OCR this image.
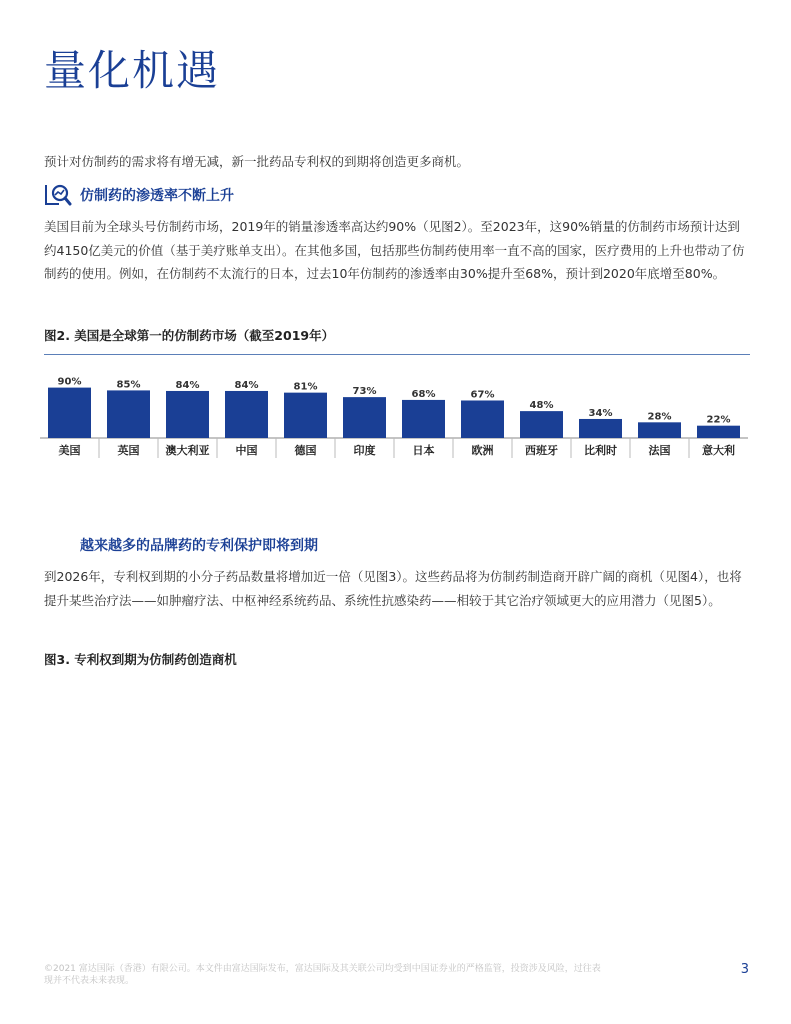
量化机遇
预计对仿制药的需求将有增无减，新一批药品专利权的到期将创造更多商机。
仿制药的渗透率不断上升
美国目前为全球头号仿制药市场，2019年的销量渗透率高达约90%（见图2）。至2023年，这90%销量的仿制药市场预计达到约4150亿美元的价值（基于美疗账单支出）。在其他多国，包括那些仿制药使用率一直不高的国家，医疗费用的上升也带动了仿制药的使用。例如，在仿制药不太流行的日本，过去10年仿制药的渗透率由30%提升至68%，预计到2020年底增至80%。
图2. 美国是全球第一的仿制药市场（截至2019年）
90%
美国
85%
英国
84%
澳大利亚
84%
中国
81%
德国
73%
印度
68%
日本
67%
欧洲
48%
西班牙
34%
比利时
28%
法国
22%
意大利
越来越多的品牌药的专利保护即将到期
到2026年，专利权到期的小分子药品数量将增加近一倍（见图3）。这些药品将为仿制药制造商开辟广阔的商机（见图4），也将提升某些治疗法——如肿瘤疗法、中枢神经系统药品、系统性抗感染药——相较于其它治疗领域更大的应用潜力（见图5）。
图3. 专利权到期为仿制药创造商机
©2021 富达国际（香港）有限公司。本文件由富达国际发布，富达国际及其关联公司均受到中国证券业的严格监管，投资涉及风险，过往表现并不代表未来表现。
3
